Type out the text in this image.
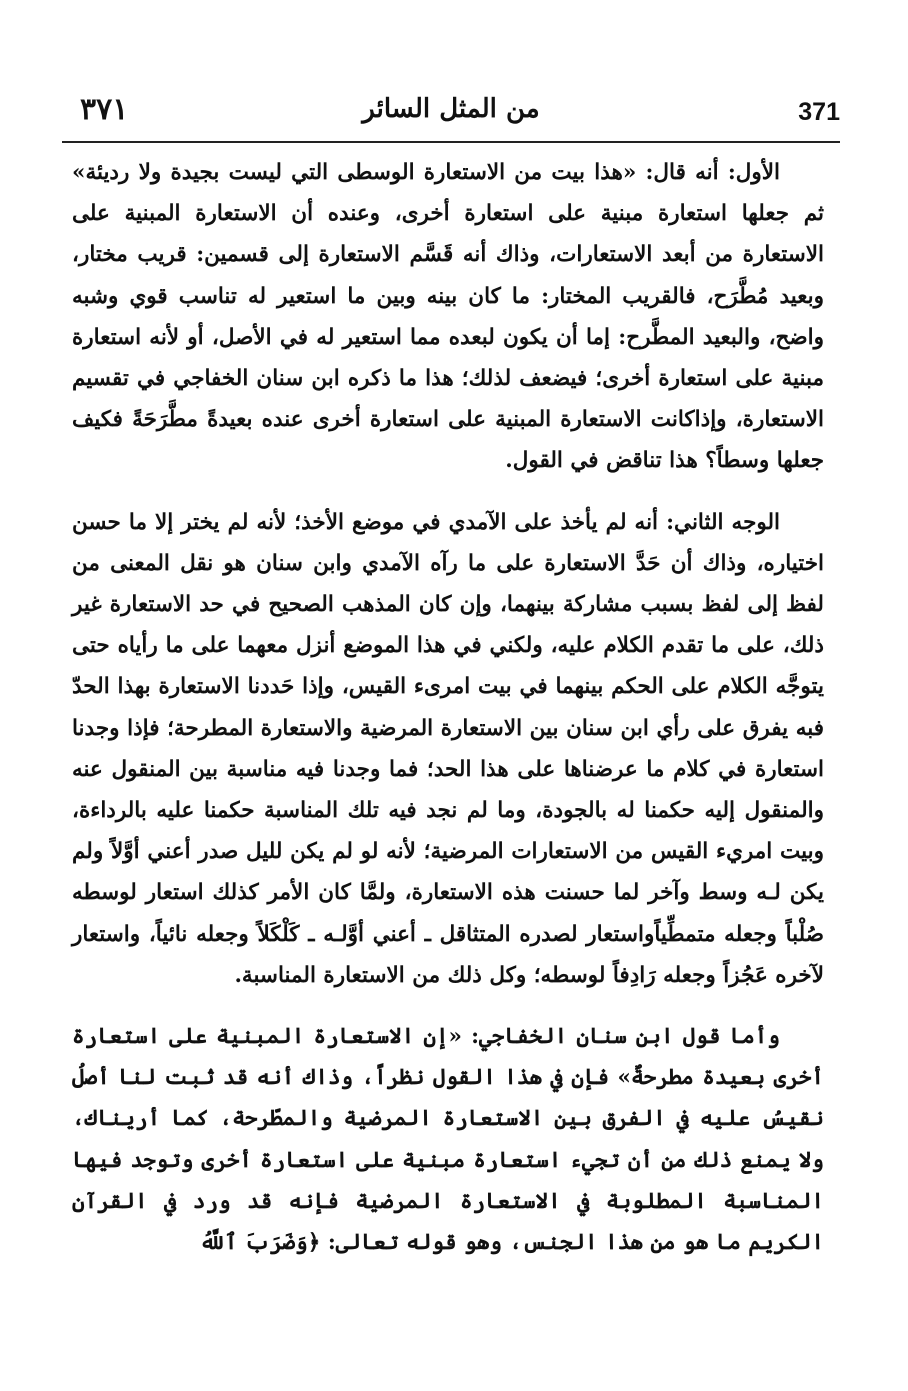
٣٧١	من المثل السائر	371

الأول: أنه قال: «هذا بيت من الاستعارة الوسطى التي ليست بجيدة ولا رديئة» ثم جعلها استعارة مبنية على استعارة أخرى، وعنده أن الاستعارة المبنية على الاستعارة من أبعد الاستعارات، وذاك أنه قَسَّم الاستعارة إلى قسمين: قريب مختار، وبعيد مُطَّرَح، فالقريب المختار: ما كان بينه وبين ما استعير له تناسب قوي وشبه واضح، والبعيد المطَّرح: إما أن يكون لبعده مما استعير له في الأصل، أو لأنه استعارة مبنية على استعارة أخرى؛ فيضعف لذلك؛ هذا ما ذكره ابن سنان الخفاجي في تقسيم الاستعارة، وإذاكانت الاستعارة المبنية على استعارة أخرى عنده بعيدةً مطَّرَحَةً فكيف جعلها وسطاً؟ هذا تناقض في القول.

الوجه الثاني: أنه لم يأخذ على الآمدي في موضع الأخذ؛ لأنه لم يختر إلا ما حسن اختياره، وذاك أن حَدَّ الاستعارة على ما رآه الآمدي وابن سنان هو نقل المعنى من لفظ إلى لفظ بسبب مشاركة بينهما، وإن كان المذهب الصحيح في حد الاستعارة غير ذلك، على ما تقدم الكلام عليه، ولكني في هذا الموضع أنزل معهما على ما رأياه حتى يتوجَّه الكلام على الحكم بينهما في بيت امرىء القيس، وإذا حَددنا الاستعارة بهذا الحدّ فبه يفرق على رأي ابن سنان بين الاستعارة المرضية والاستعارة المطرحة؛ فإذا وجدنا استعارة في كلام ما عرضناها على هذا الحد؛ فما وجدنا فيه مناسبة بين المنقول عنه والمنقول إليه حكمنا له بالجودة، وما لم نجد فيه تلك المناسبة حكمنا عليه بالرداءة، وبيت امريء القيس من الاستعارات المرضية؛ لأنه لو لم يكن لليل صدر أعني أوَّلاً ولم يكن لـه وسط وآخر لما حسنت هذه الاستعارة، ولمَّا كان الأمر كذلك استعار لوسطه صُلْباً وجعله متمطِّياًواستعار لصدره المتثاقل ـ أعني أوَّلـه ـ كَلْكَلاً وجعله نائياً، واستعار لآخره عَجُزاً وجعله رَادِفاً لوسطه؛ وكل ذلك من الاستعارة المناسبة.

وأما قول ابن سنان الخفاجي: «إن الاستعارة المبنية على استعارة أخرى بعيدة مطرحةٌ» فإن في هذا القول نظراً، وذاك أنه قد ثبت لنا أصلُ نقيسُ عليه في الفرق بين الاستعارة المرضية والمطّرحة، كما أريناك، ولا يمنع ذلك من أن تجيء استعارة مبنية على استعارة أخرى وتوجد فيها المناسبة المطلوبة في الاستعارة المرضية فإنه قد ورد في القرآن الكريم ما هو من هذا الجنس، وهو قوله تعالى: ﴿وَضَرَبَ ٱللَّهُ
